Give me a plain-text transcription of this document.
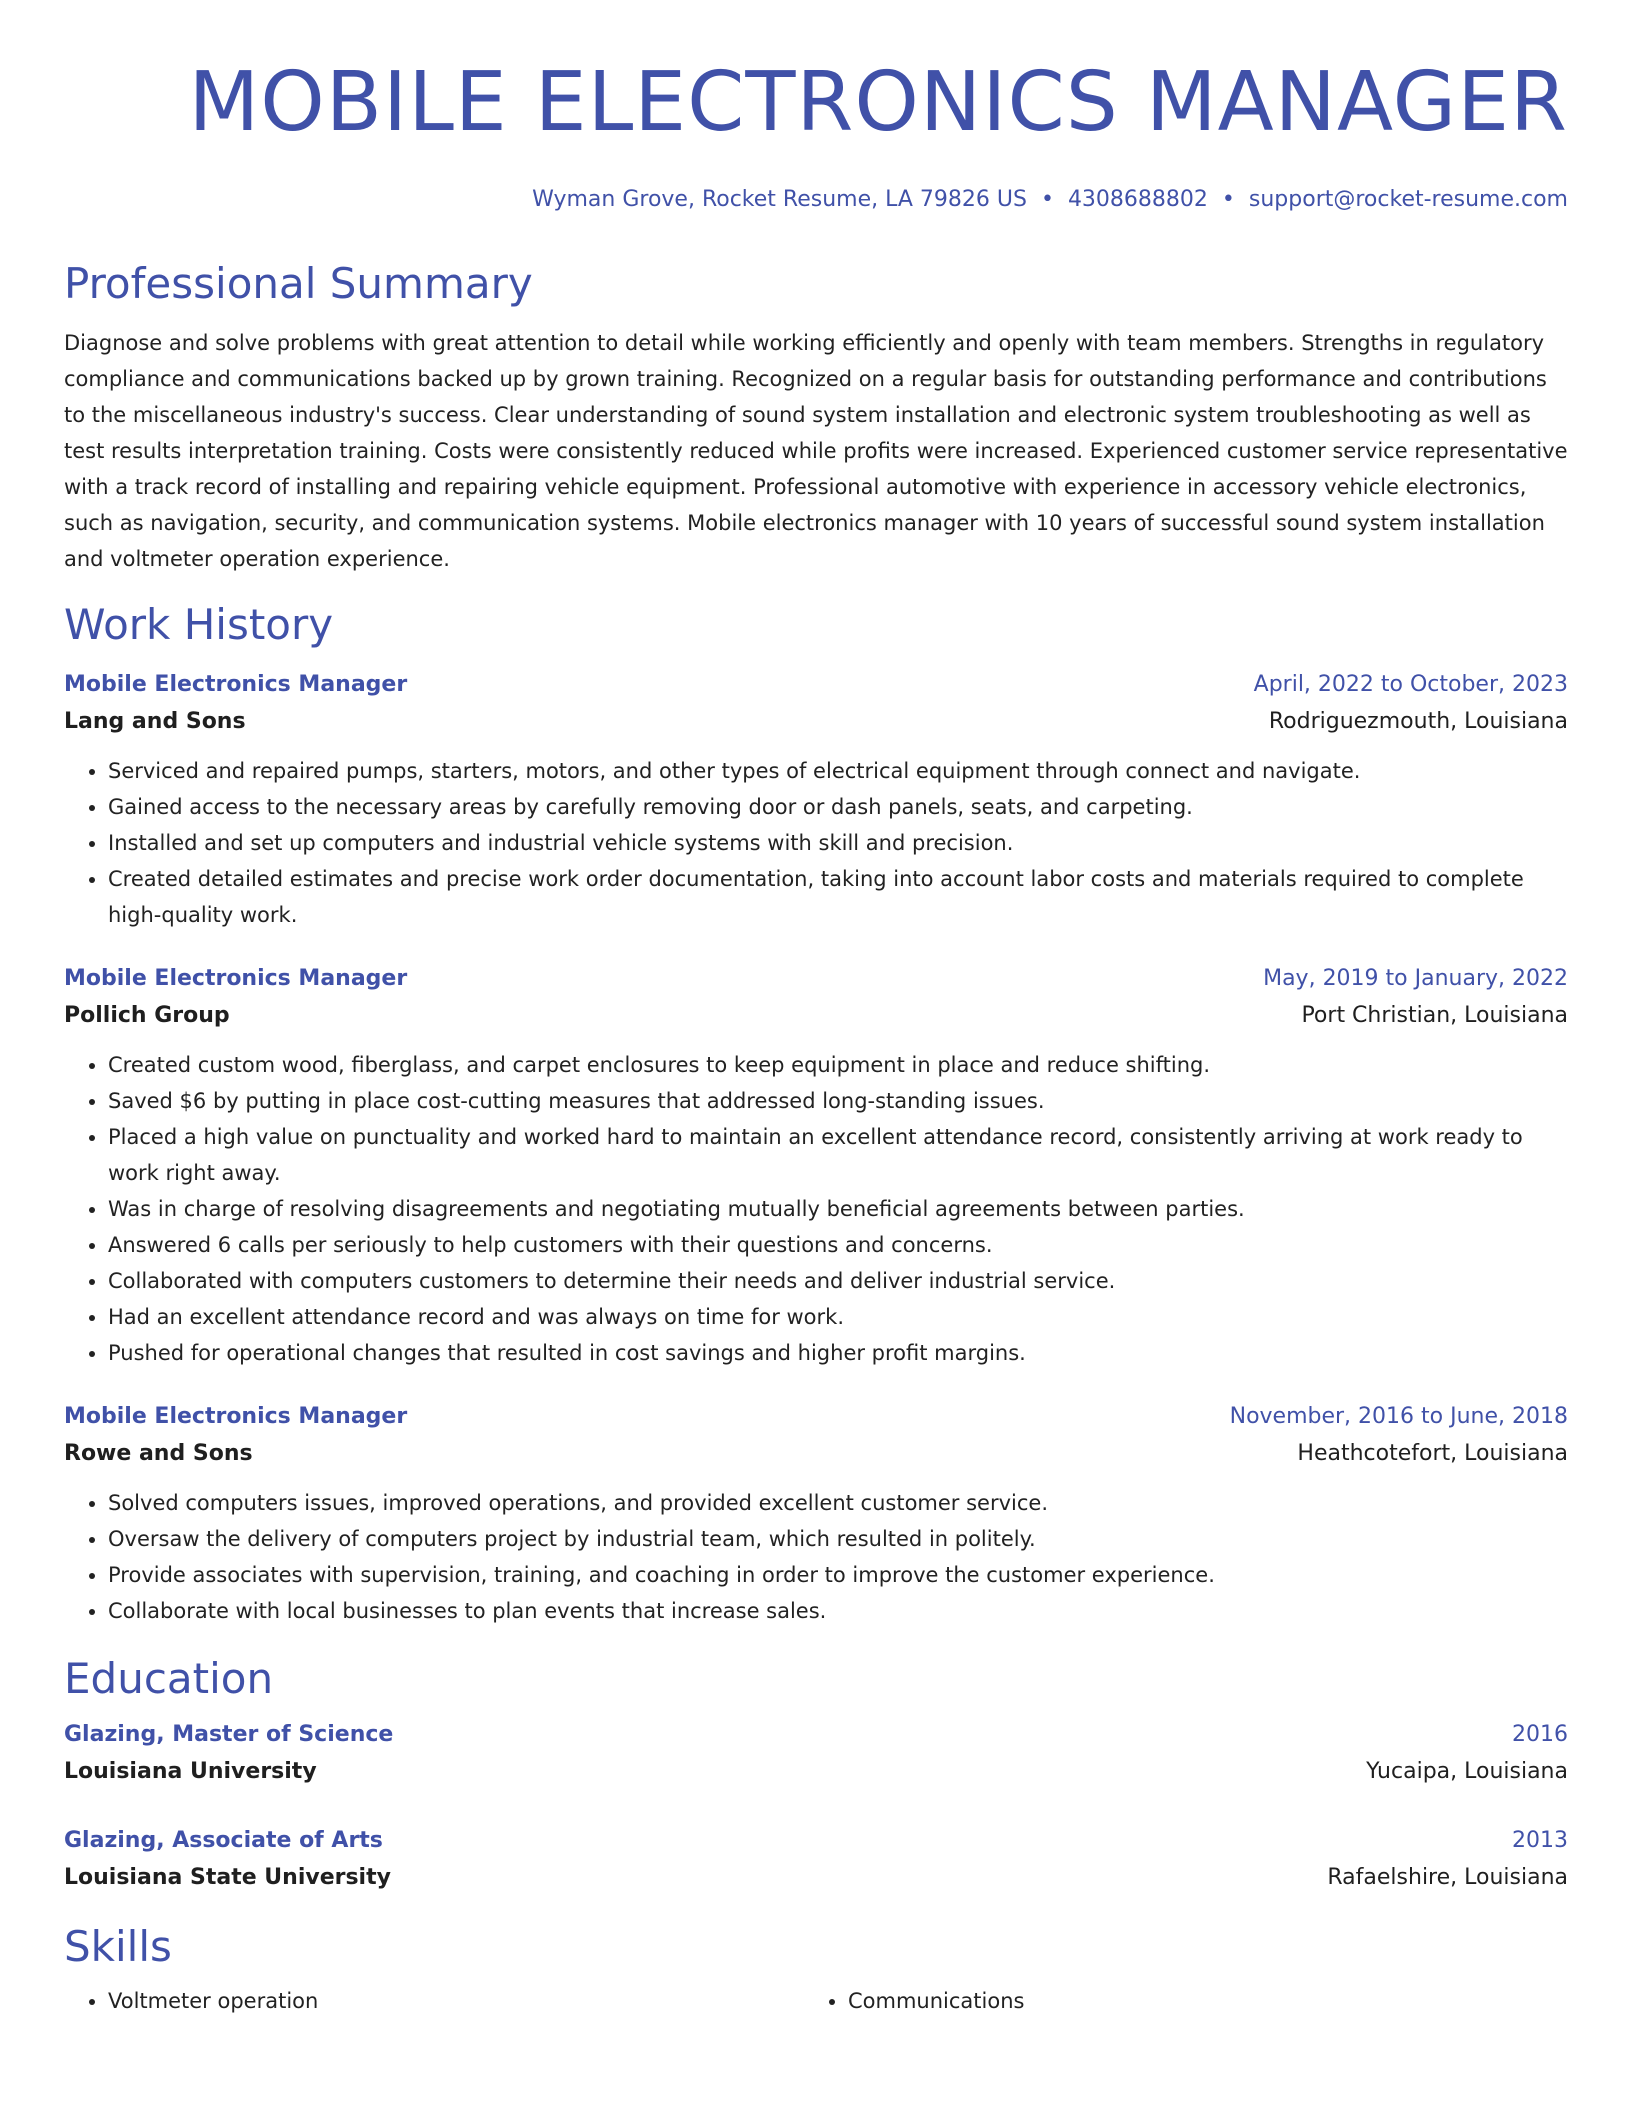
MOBILE ELECTRONICS MANAGER
Wyman Grove, Rocket Resume, LA 79826 US • 4308688802 • support@rocket-resume.com
Professional Summary
Diagnose and solve problems with great attention to detail while working efficiently and openly with team members. Strengths in regulatory compliance and communications backed up by grown training. Recognized on a regular basis for outstanding performance and contributions to the miscellaneous industry's success. Clear understanding of sound system installation and electronic system troubleshooting as well as test results interpretation training. Costs were consistently reduced while profits were increased. Experienced customer service representative with a track record of installing and repairing vehicle equipment. Professional automotive with experience in accessory vehicle electronics, such as navigation, security, and communication systems. Mobile electronics manager with 10 years of successful sound system installation and voltmeter operation experience.
Work History
Mobile Electronics Manager	April, 2022 to October, 2023
Lang and Sons	Rodriguezmouth, Louisiana
• Serviced and repaired pumps, starters, motors, and other types of electrical equipment through connect and navigate.
• Gained access to the necessary areas by carefully removing door or dash panels, seats, and carpeting.
• Installed and set up computers and industrial vehicle systems with skill and precision.
• Created detailed estimates and precise work order documentation, taking into account labor costs and materials required to complete high-quality work.
Mobile Electronics Manager	May, 2019 to January, 2022
Pollich Group	Port Christian, Louisiana
• Created custom wood, fiberglass, and carpet enclosures to keep equipment in place and reduce shifting.
• Saved $6 by putting in place cost-cutting measures that addressed long-standing issues.
• Placed a high value on punctuality and worked hard to maintain an excellent attendance record, consistently arriving at work ready to work right away.
• Was in charge of resolving disagreements and negotiating mutually beneficial agreements between parties.
• Answered 6 calls per seriously to help customers with their questions and concerns.
• Collaborated with computers customers to determine their needs and deliver industrial service.
• Had an excellent attendance record and was always on time for work.
• Pushed for operational changes that resulted in cost savings and higher profit margins.
Mobile Electronics Manager	November, 2016 to June, 2018
Rowe and Sons	Heathcotefort, Louisiana
• Solved computers issues, improved operations, and provided excellent customer service.
• Oversaw the delivery of computers project by industrial team, which resulted in politely.
• Provide associates with supervision, training, and coaching in order to improve the customer experience.
• Collaborate with local businesses to plan events that increase sales.
Education
Glazing, Master of Science	2016
Louisiana University	Yucaipa, Louisiana
Glazing, Associate of Arts	2013
Louisiana State University	Rafaelshire, Louisiana
Skills
• Voltmeter operation
•	Communications
